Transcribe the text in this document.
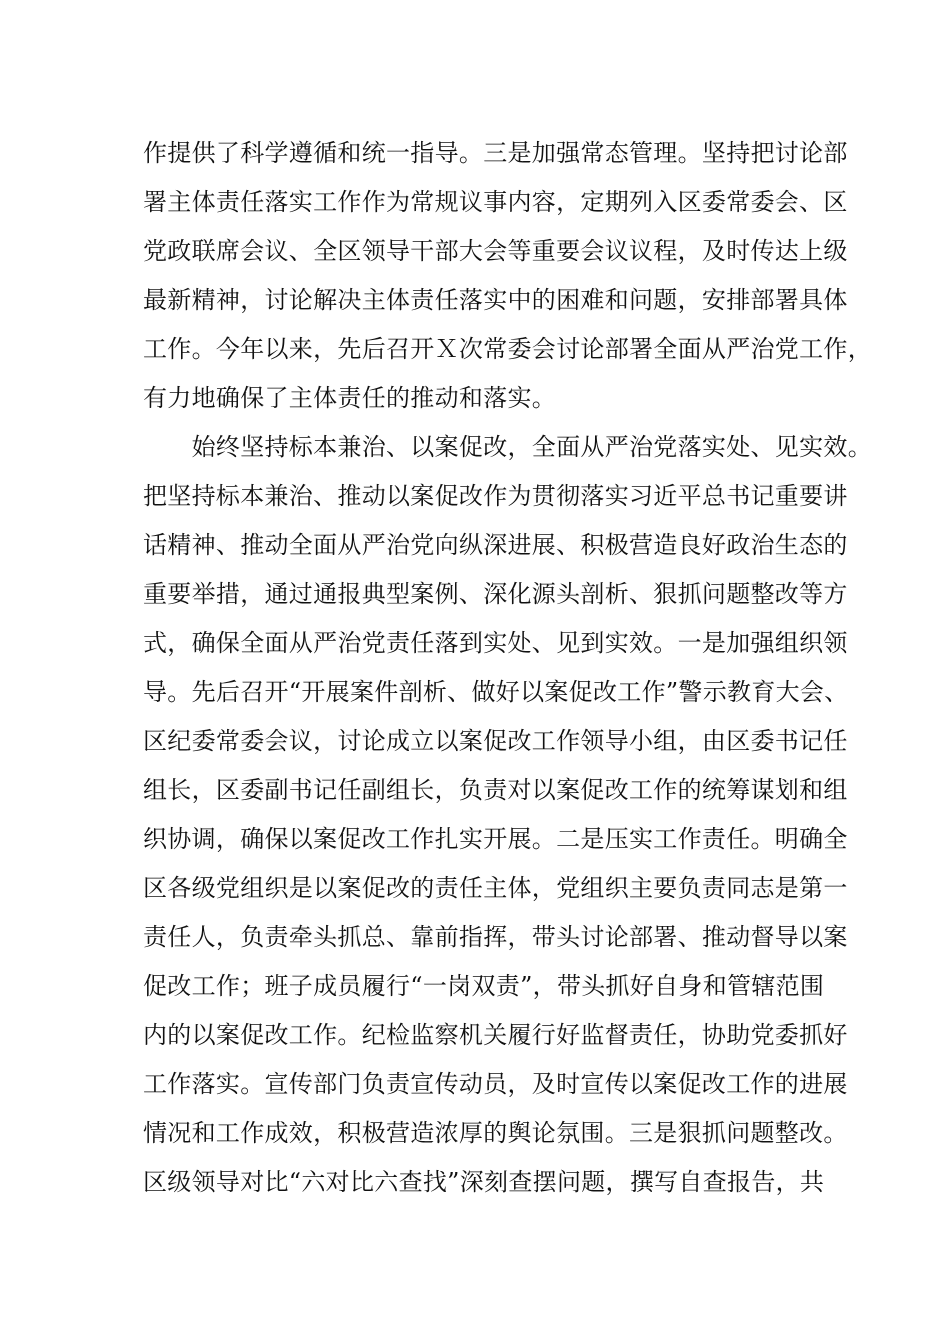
作提供了科学遵循和统一指导。三是加强常态管理。坚持把讨论部
署主体责任落实工作作为常规议事内容，定期列入区委常委会、区
党政联席会议、全区领导干部大会等重要会议议程，及时传达上级
最新精神，讨论解决主体责任落实中的困难和问题，安排部署具体
工作。今年以来，先后召开Ｘ次常委会讨论部署全面从严治党工作，
有力地确保了主体责任的推动和落实。
　　始终坚持标本兼治、以案促改，全面从严治党落实处、见实效。
把坚持标本兼治、推动以案促改作为贯彻落实习近平总书记重要讲
话精神、推动全面从严治党向纵深进展、积极营造良好政治生态的
重要举措，通过通报典型案例、深化源头剖析、狠抓问题整改等方
式，确保全面从严治党责任落到实处、见到实效。一是加强组织领
导。先后召开“开展案件剖析、做好以案促改工作”警示教育大会、
区纪委常委会议，讨论成立以案促改工作领导小组，由区委书记任
组长，区委副书记任副组长，负责对以案促改工作的统筹谋划和组
织协调，确保以案促改工作扎实开展。二是压实工作责任。明确全
区各级党组织是以案促改的责任主体，党组织主要负责同志是第一
责任人，负责牵头抓总、靠前指挥，带头讨论部署、推动督导以案
促改工作；班子成员履行“一岗双责”，带头抓好自身和管辖范围
内的以案促改工作。纪检监察机关履行好监督责任，协助党委抓好
工作落实。宣传部门负责宣传动员，及时宣传以案促改工作的进展
情况和工作成效，积极营造浓厚的舆论氛围。三是狠抓问题整改。
区级领导对比“六对比六查找”深刻查摆问题，撰写自查报告，共
